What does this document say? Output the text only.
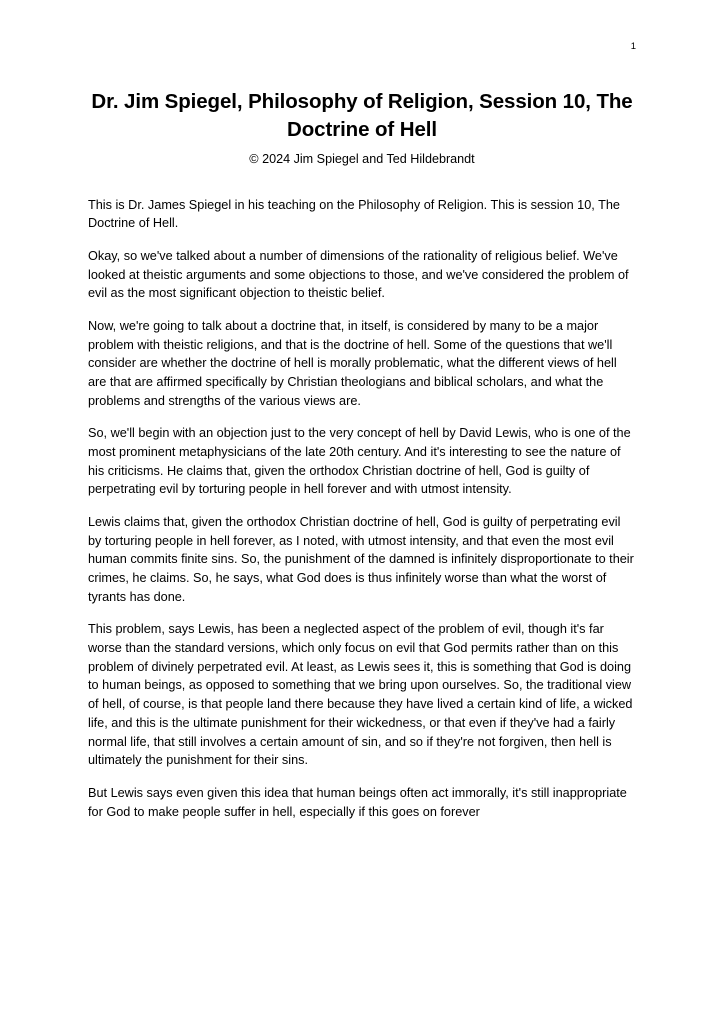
1
Dr. Jim Spiegel, Philosophy of Religion, Session 10, The Doctrine of Hell
© 2024 Jim Spiegel and Ted Hildebrandt

This is Dr. James Spiegel in his teaching on the Philosophy of Religion. This is session 10, The Doctrine of Hell.

Okay, so we've talked about a number of dimensions of the rationality of religious belief. We've looked at theistic arguments and some objections to those, and we've considered the problem of evil as the most significant objection to theistic belief.

Now, we're going to talk about a doctrine that, in itself, is considered by many to be a major problem with theistic religions, and that is the doctrine of hell. Some of the questions that we'll consider are whether the doctrine of hell is morally problematic, what the different views of hell are that are affirmed specifically by Christian theologians and biblical scholars, and what the problems and strengths of the various views are.

So, we'll begin with an objection just to the very concept of hell by David Lewis, who is one of the most prominent metaphysicians of the late 20th century. And it's interesting to see the nature of his criticisms. He claims that, given the orthodox Christian doctrine of hell, God is guilty of perpetrating evil by torturing people in hell forever and with utmost intensity.

Lewis claims that, given the orthodox Christian doctrine of hell, God is guilty of perpetrating evil by torturing people in hell forever, as I noted, with utmost intensity, and that even the most evil human commits finite sins. So, the punishment of the damned is infinitely disproportionate to their crimes, he claims. So, he says, what God does is thus infinitely worse than what the worst of tyrants has done.

This problem, says Lewis, has been a neglected aspect of the problem of evil, though it's far worse than the standard versions, which only focus on evil that God permits rather than on this problem of divinely perpetrated evil. At least, as Lewis sees it, this is something that God is doing to human beings, as opposed to something that we bring upon ourselves. So, the traditional view of hell, of course, is that people land there because they have lived a certain kind of life, a wicked life, and this is the ultimate punishment for their wickedness, or that even if they've had a fairly normal life, that still involves a certain amount of sin, and so if they're not forgiven, then hell is ultimately the punishment for their sins.

But Lewis says even given this idea that human beings often act immorally, it's still inappropriate for God to make people suffer in hell, especially if this goes on forever
